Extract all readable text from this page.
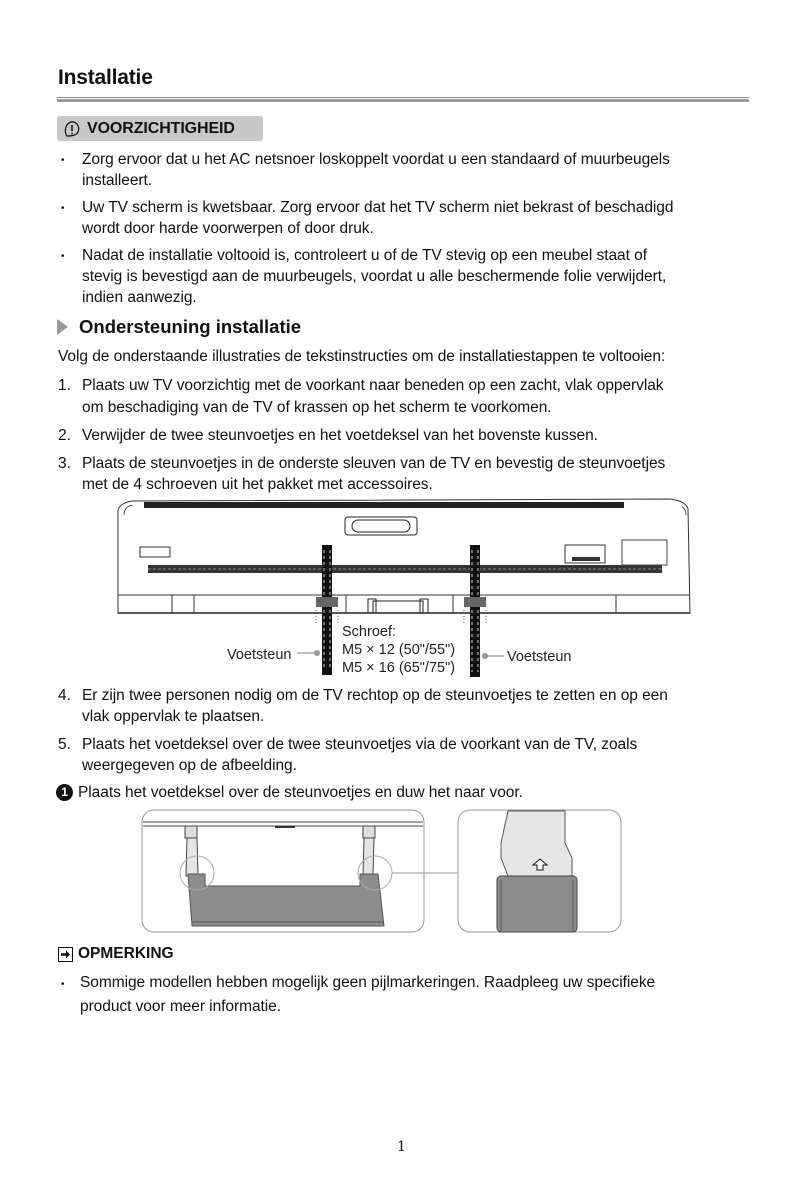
Installatie
VOORZICHTIGHEID
• Zorg ervoor dat u het AC netsnoer loskoppelt voordat u een standaard of muurbeugels
installeert.
• Uw TV scherm is kwetsbaar. Zorg ervoor dat het TV scherm niet bekrast of beschadigd
wordt door harde voorwerpen of door druk.
• Nadat de installatie voltooid is, controleert u of de TV stevig op een meubel staat of
stevig is bevestigd aan de muurbeugels, voordat u alle beschermende folie verwijdert,
indien aanwezig.
Ondersteuning installatie
Volg de onderstaande illustraties de tekstinstructies om de installatiestappen te voltooien:
1. Plaats uw TV voorzichtig met de voorkant naar beneden op een zacht, vlak oppervlak
om beschadiging van de TV of krassen op het scherm te voorkomen.
2. Verwijder de twee steunvoetjes en het voetdeksel van het bovenste kussen.
3. Plaats de steunvoetjes in de onderste sleuven van de TV en bevestig de steunvoetjes
met de 4 schroeven uit het pakket met accessoires.
Voetsteun	Voetsteun
Schroef:
M5 × 12 (50"/55")
M5 × 16 (65"/75")
4. Er zijn twee personen nodig om de TV rechtop op de steunvoetjes te zetten en op een
vlak oppervlak te plaatsen.
5. Plaats het voetdeksel over de twee steunvoetjes via de voorkant van de TV, zoals
weergegeven op de afbeelding.
1 Plaats het voetdeksel over de steunvoetjes en duw het naar voor.
OPMERKING
• Sommige modellen hebben mogelijk geen pijlmarkeringen. Raadpleeg uw specifieke
product voor meer informatie.
1
